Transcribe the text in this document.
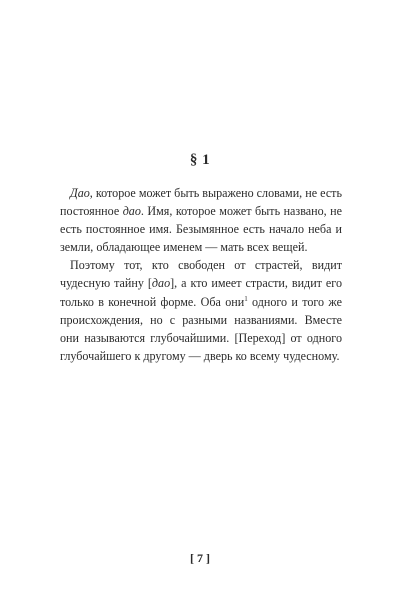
§ 1

Дао, которое может быть выражено словами, не есть постоянное дао. Имя, которое может быть названо, не есть постоянное имя. Безымянное есть начало неба и земли, обладающее именем — мать всех вещей.

Поэтому тот, кто свободен от страстей, видит чудесную тайну [дао], а кто имеет страсти, видит его только в конечной форме. Оба они$^1$ одного и того же происхождения, но с разными названиями. Вместе они называются глубочайшими. [Переход] от одного глубочайшего к другому — дверь ко всему чудесному.

[ 7 ]
